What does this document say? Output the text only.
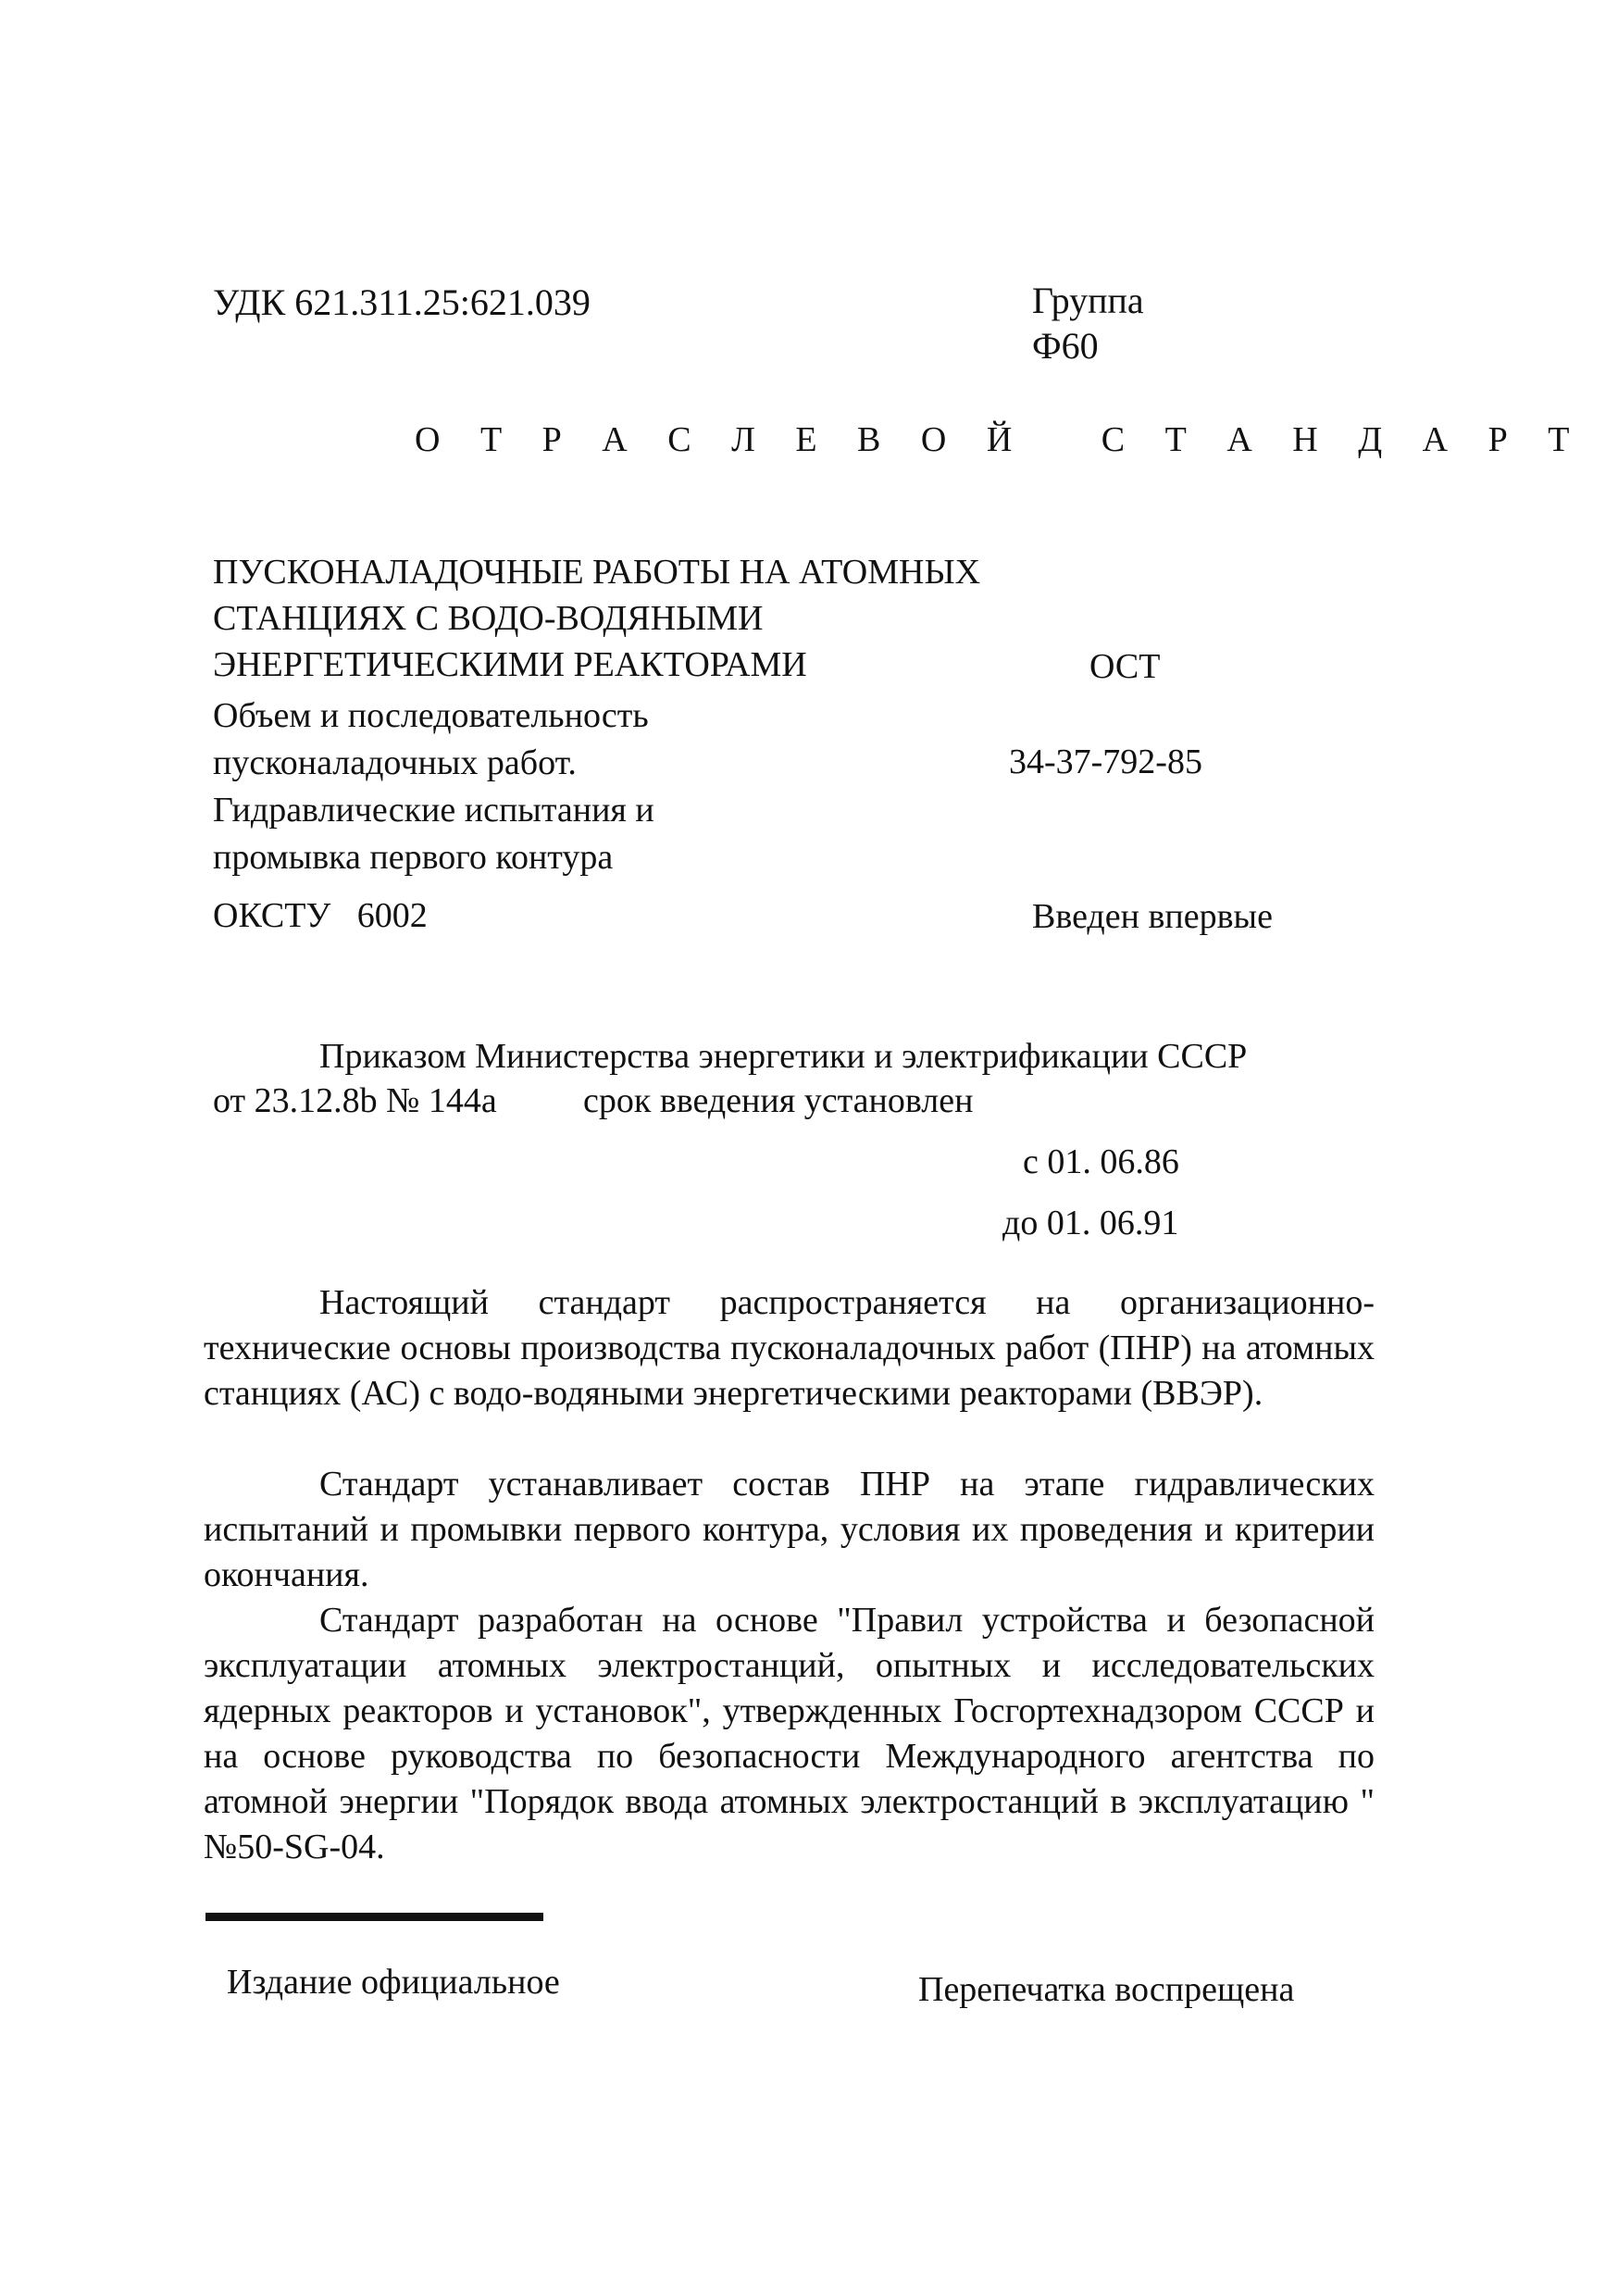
УДК 621.311.25:621.039	Группа
Ф60
О Т Р А С Л Е В О Й   С Т А Н Д А Р Т
ПУСКОНАЛАДОЧНЫЕ РАБОТЫ НА АТОМНЫХ
СТАНЦИЯХ С ВОДО-ВОДЯНЫМИ
ЭНЕРГЕТИЧЕСКИМИ РЕАКТОРАМИ
Объем и последовательность
пусконаладочных работ.
Гидравлические испытания и
промывка первого контура
ОСТ
34-37-792-85
ОКСТУ   6002	Введен впервые
Приказом Министерства энергетики и электрификации СССР
от 23.12.8b № 144а срок введения установлен
с 01. 06.86
до 01. 06.91

Настоящий стандарт распространяется на организационно-технические основы производства пусконаладочных работ (ПНР) на атомных станциях (АС) с водо-водяными энергетическими реакторами (ВВЭР).

Стандарт устанавливает состав ПНР на этапе гидравлических испытаний и промывки первого контура, условия их проведения и критерии окончания.

Стандарт разработан на основе "Правил устройства и безопасной эксплуатации атомных электростанций, опытных и исследовательских ядерных реакторов и установок", утвержденных Госгортехнадзором СССР и на основе руководства по безопасности Международного агентства по атомной энергии "Порядок ввода атомных электростанций в эксплуатацию " №50-SG-04.

Издание официальное	Перепечатка воспрещена
